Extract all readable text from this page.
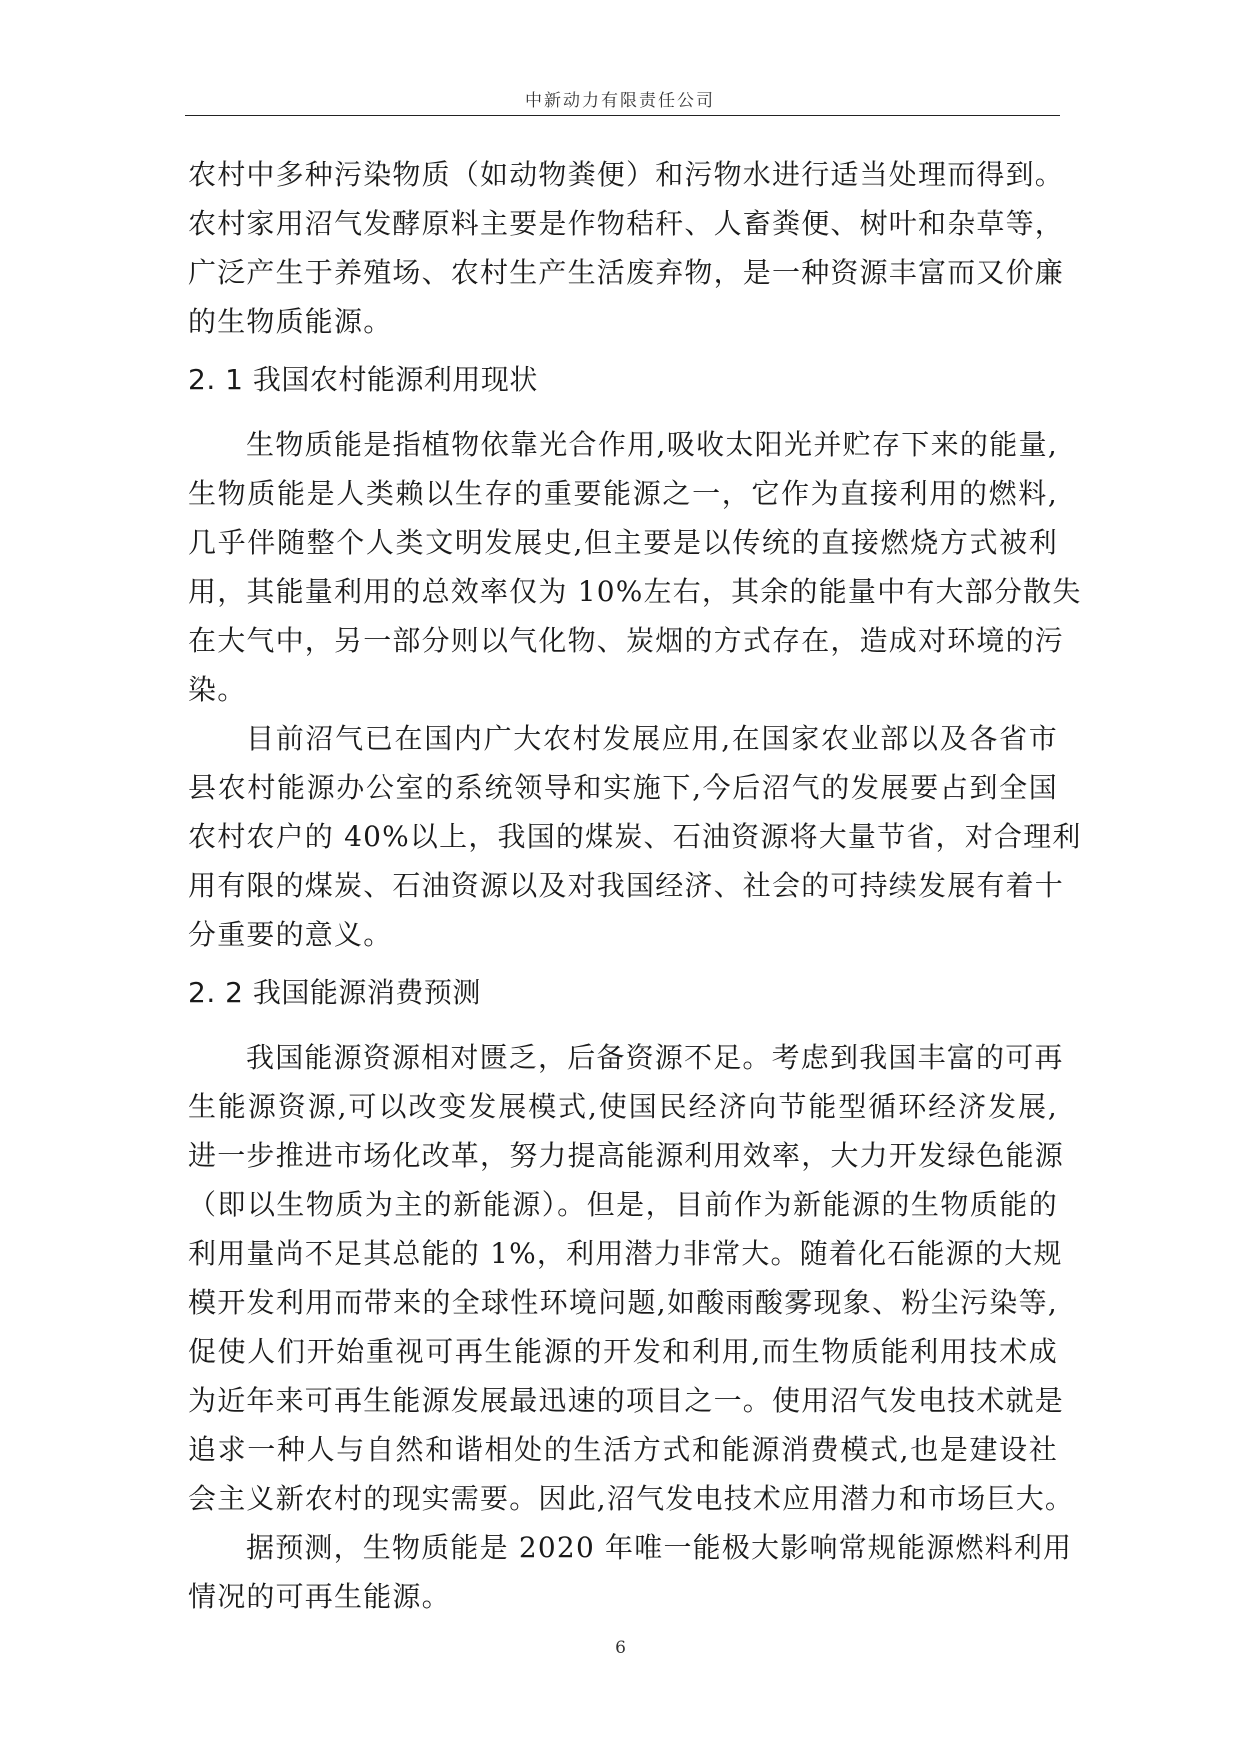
中新动力有限责任公司
农村中多种污染物质（如动物粪便）和污物水进行适当处理而得到。
农村家用沼气发酵原料主要是作物秸秆、人畜粪便、树叶和杂草等，
广泛产生于养殖场、农村生产生活废弃物，是一种资源丰富而又价廉
的生物质能源。
2. 1 我国农村能源利用现状
生物质能是指植物依靠光合作用,吸收太阳光并贮存下来的能量,
生物质能是人类赖以生存的重要能源之一，它作为直接利用的燃料,
几乎伴随整个人类文明发展史,但主要是以传统的直接燃烧方式被利
用，其能量利用的总效率仅为 10%左右，其余的能量中有大部分散失
在大气中，另一部分则以气化物、炭烟的方式存在，造成对环境的污
染。
目前沼气已在国内广大农村发展应用,在国家农业部以及各省市
县农村能源办公室的系统领导和实施下,今后沼气的发展要占到全国
农村农户的 40%以上，我国的煤炭、石油资源将大量节省，对合理利
用有限的煤炭、石油资源以及对我国经济、社会的可持续发展有着十
分重要的意义。
2. 2 我国能源消费预测
我国能源资源相对匮乏，后备资源不足。考虑到我国丰富的可再
生能源资源,可以改变发展模式,使国民经济向节能型循环经济发展,
进一步推进市场化改革，努力提高能源利用效率，大力开发绿色能源
（即以生物质为主的新能源）。但是，目前作为新能源的生物质能的
利用量尚不足其总能的 1%，利用潜力非常大。随着化石能源的大规
模开发利用而带来的全球性环境问题,如酸雨酸雾现象、粉尘污染等,
促使人们开始重视可再生能源的开发和利用,而生物质能利用技术成
为近年来可再生能源发展最迅速的项目之一。使用沼气发电技术就是
追求一种人与自然和谐相处的生活方式和能源消费模式,也是建设社
会主义新农村的现实需要。因此,沼气发电技术应用潜力和市场巨大。
据预测，生物质能是 2020 年唯一能极大影响常规能源燃料利用
情况的可再生能源。
6
